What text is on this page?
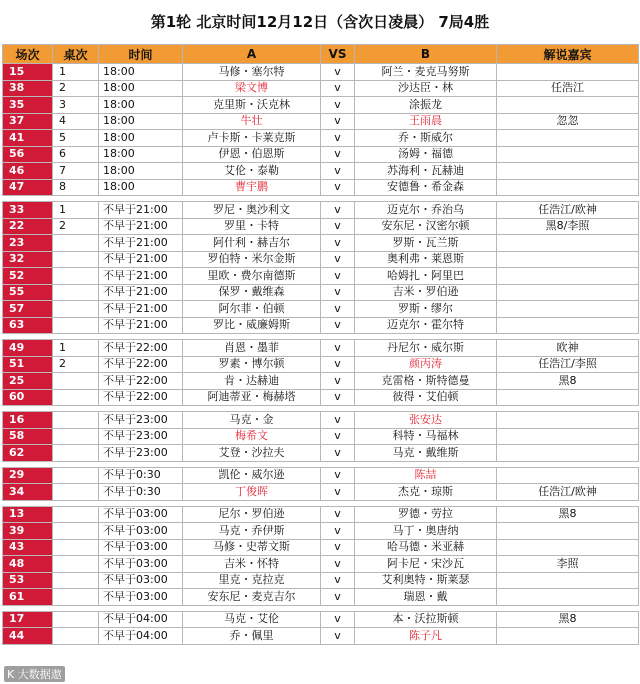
第1轮 北京时间12月12日（含次日凌晨） 7局4胜
场次	桌次	时间	A	VS	B	解说嘉宾
15	1	18:00	马修・塞尔特	v	阿兰・麦克马努斯	
38	2	18:00	梁文博	v	沙达臣・林	任浩江
35	3	18:00	克里斯・沃克林	v	涂振龙	
37	4	18:00	牛壮	v	王雨晨	忽忽
41	5	18:00	卢卡斯・卡莱克斯	v	乔・斯威尔	
56	6	18:00	伊恩・伯恩斯	v	汤姆・福德	
46	7	18:00	艾伦・泰勒	v	苏海利・瓦赫迪	
47	8	18:00	曹宇鹏	v	安德鲁・希金森	

33	1	不早于21:00	罗尼・奥沙利文	v	迈克尔・乔治乌	任浩江/欧神
22	2	不早于21:00	罗里・卡特	v	安东尼・汉密尔顿	黑8/李照
23		不早于21:00	阿什利・赫吉尔	v	罗斯・瓦兰斯	
32		不早于21:00	罗伯特・米尔金斯	v	奥利弗・莱恩斯	
52		不早于21:00	里欧・费尔南德斯	v	哈姆扎・阿里巴	
55		不早于21:00	保罗・戴维森	v	吉米・罗伯逊	
57		不早于21:00	阿尔菲・伯顿	v	罗斯・缪尔	
63		不早于21:00	罗比・威廉姆斯	v	迈克尔・霍尔特	

49	1	不早于22:00	肖恩・墨菲	v	丹尼尔・威尔斯	欧神
51	2	不早于22:00	罗素・博尔顿	v	颜丙涛	任浩江/李照
25		不早于22:00	肯・达赫迪	v	克雷格・斯特德曼	黑8
60		不早于22:00	阿迪蒂亚・梅赫塔	v	彼得・艾伯顿	

16		不早于23:00	马克・金	v	张安达	
58		不早于23:00	梅希文	v	科特・马福林	
62		不早于23:00	艾登・沙拉夫	v	马克・戴维斯	

29		不早于0:30	凯伦・威尔逊	v	陈喆	
34		不早于0:30	丁俊晖	v	杰克・琼斯	任浩江/欧神

13		不早于03:00	尼尔・罗伯逊	v	罗德・劳拉	黑8
39		不早于03:00	马克・乔伊斯	v	马丁・奥唐纳	
43		不早于03:00	马修・史蒂文斯	v	哈马德・米亚赫	
48		不早于03:00	吉米・怀特	v	阿卡尼・宋沙瓦	李照
53		不早于03:00	里克・克拉克	v	艾利奥特・斯莱瑟	
61		不早于03:00	安东尼・麦克吉尔	v	瑞恩・戴	

17		不早于04:00	马克・艾伦	v	本・沃拉斯顿	黑8
44		不早于04:00	乔・佩里	v	陈子凡	
K 大数据遨
